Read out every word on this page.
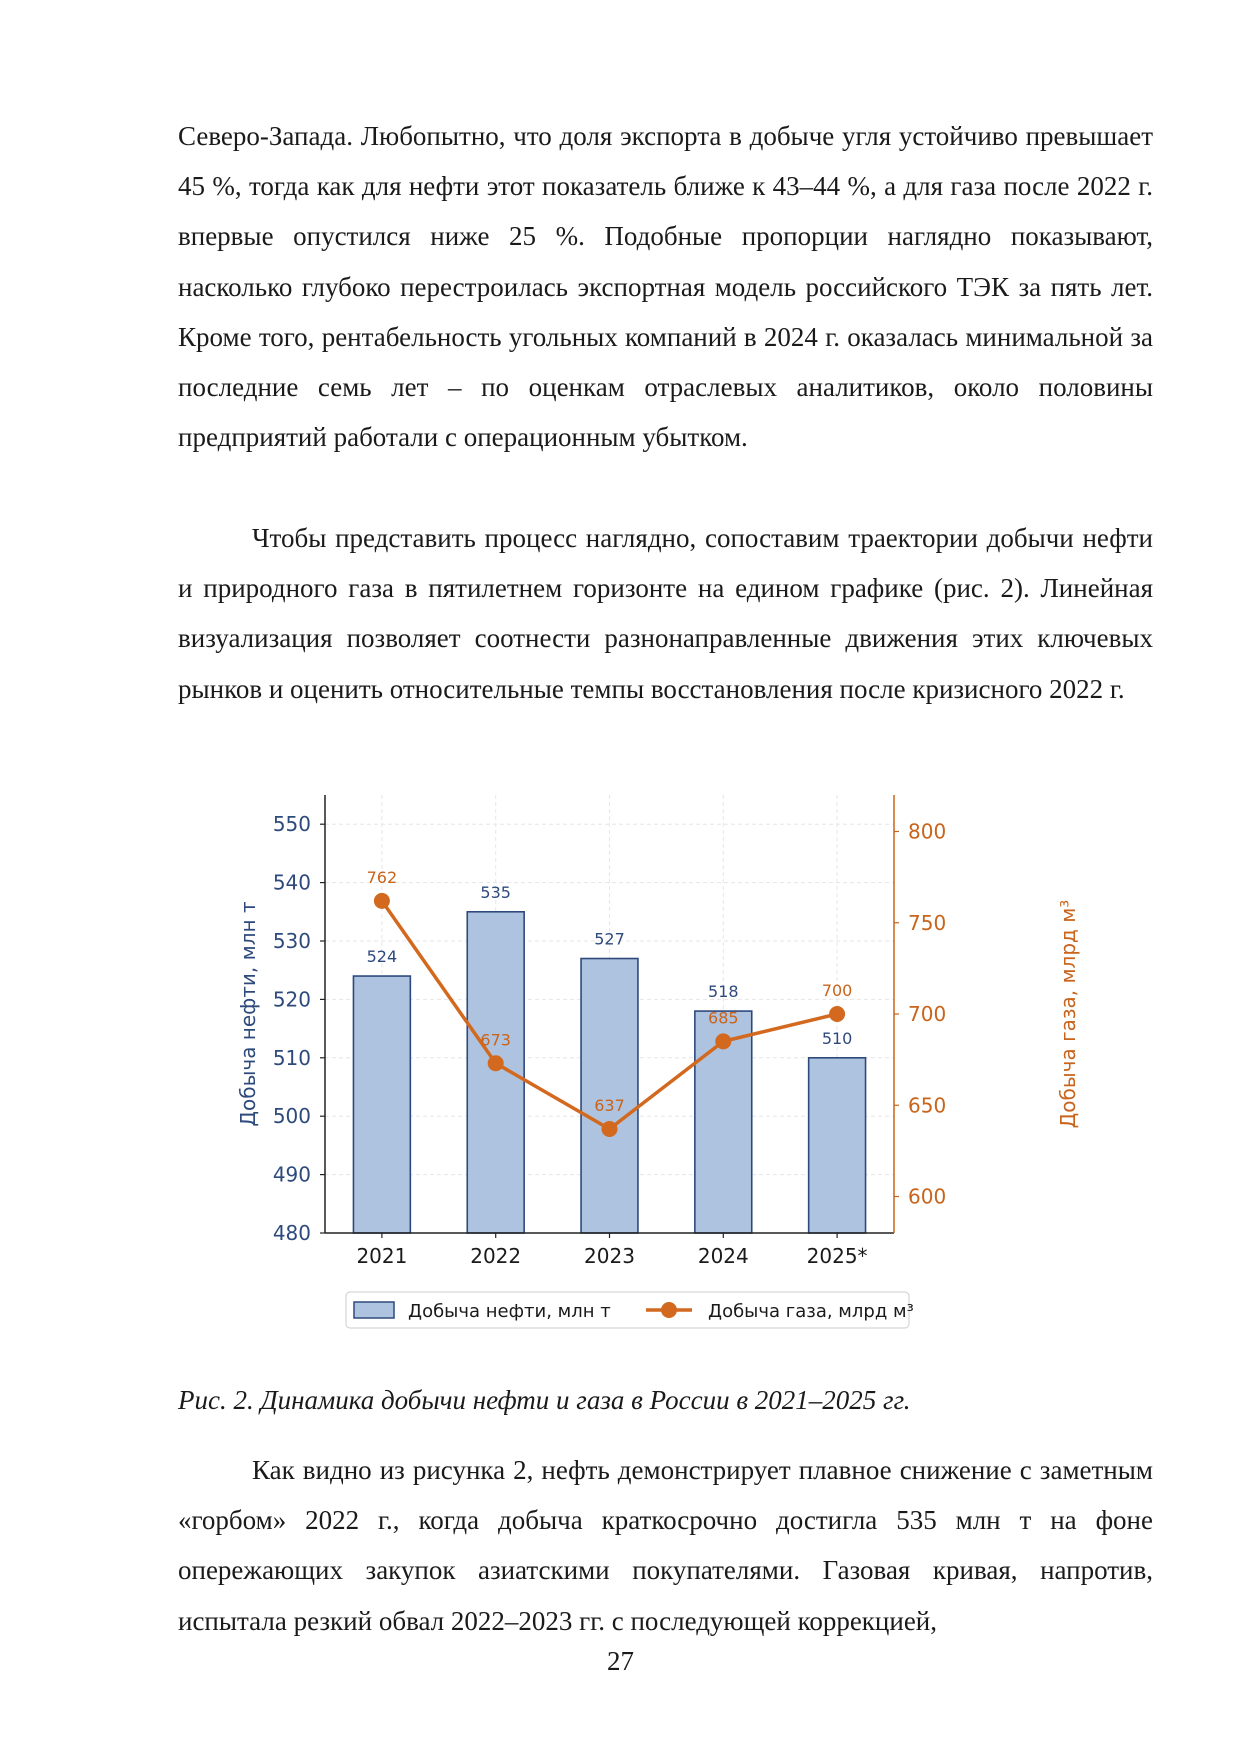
Северо-Запада. Любопытно, что доля экспорта в добыче угля устойчиво превышает 45 %, тогда как для нефти этот показатель ближе к 43–44 %, а для газа после 2022 г. впервые опустился ниже 25 %. Подобные пропорции наглядно показывают, насколько глубоко перестроилась экспортная модель российского ТЭК за пять лет. Кроме того, рентабельность угольных компаний в 2024 г. оказалась минимальной за последние семь лет – по оценкам отраслевых аналитиков, около половины предприятий работали с операционным убытком.

Чтобы представить процесс наглядно, сопоставим траектории добычи нефти и природного газа в пятилетнем горизонте на едином графике (рис. 2). Линейная визуализация позволяет соотнести разнонаправленные движения этих ключевых рынков и оценить относительные темпы восстановления после кризисного 2022 г.

480
490
500
510
520
530
540
550
600
650
700
750
800
2021	2022	2023	2024	2025*
Добыча нефти, млн т	Добыча газа, млрд м³
524
535
527
518
510
762
673
637
685
700
Добыча нефти, млн т	Добыча газа, млрд м³

Рис. 2. Динамика добычи нефти и газа в России в 2021–2025 гг.

Как видно из рисунка 2, нефть демонстрирует плавное снижение с заметным «горбом» 2022 г., когда добыча краткосрочно достигла 535 млн т на фоне опережающих закупок азиатскими покупателями. Газовая кривая, напротив, испытала резкий обвал 2022–2023 гг. с последующей коррекцией,

27
